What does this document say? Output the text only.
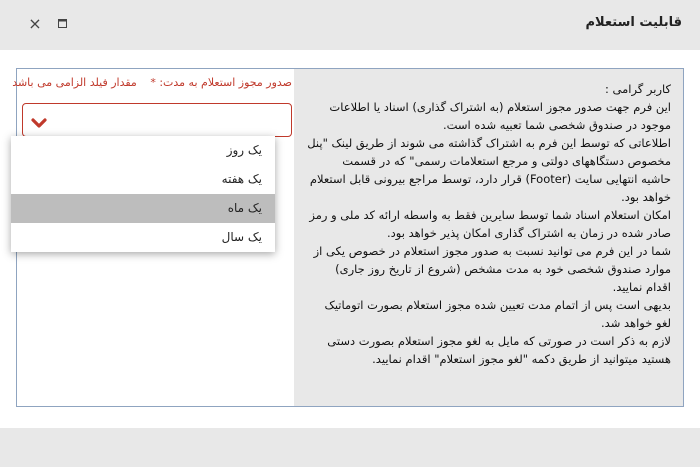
قابلیت استعلام
×
کاربر گرامی :
این فرم جهت صدور مجوز استعلام (به اشتراک گذاری) اسناد یا اطلاعات
موجود در صندوق شخصی شما تعبیه شده است.
اطلاعاتی که توسط این فرم به اشتراک گذاشته می شوند از طریق لینک "پنل
مخصوص دستگاههای دولتی و مرجع استعلامات رسمی" که در قسمت
حاشیه انتهایی سایت (Footer) قرار دارد، توسط مراجع بیرونی قابل استعلام
خواهد بود.
امکان استعلام اسناد شما توسط سایرین فقط به واسطه ارائه کد ملی و رمز
صادر شده در زمان به اشتراک گذاری امکان پذیر خواهد بود.
شما در این فرم می توانید نسبت به صدور مجوز استعلام در خصوص یکی از
موارد صندوق شخصی خود به مدت مشخص (شروع از تاریخ روز جاری)
اقدام نمایید.
بدیهی است پس از اتمام مدت تعیین شده مجوز استعلام بصورت اتوماتیک
لغو خواهد شد.
لازم به ذکر است در صورتی که مایل به لغو مجوز استعلام بصورت دستی
هستید میتوانید از طریق دکمه "لغو مجوز استعلام" اقدام نمایید.
صدور مجوز استعلام به مدت: * مقدار فیلد الزامی می باشد
یک روز
یک هفته
یک ماه
یک سال
